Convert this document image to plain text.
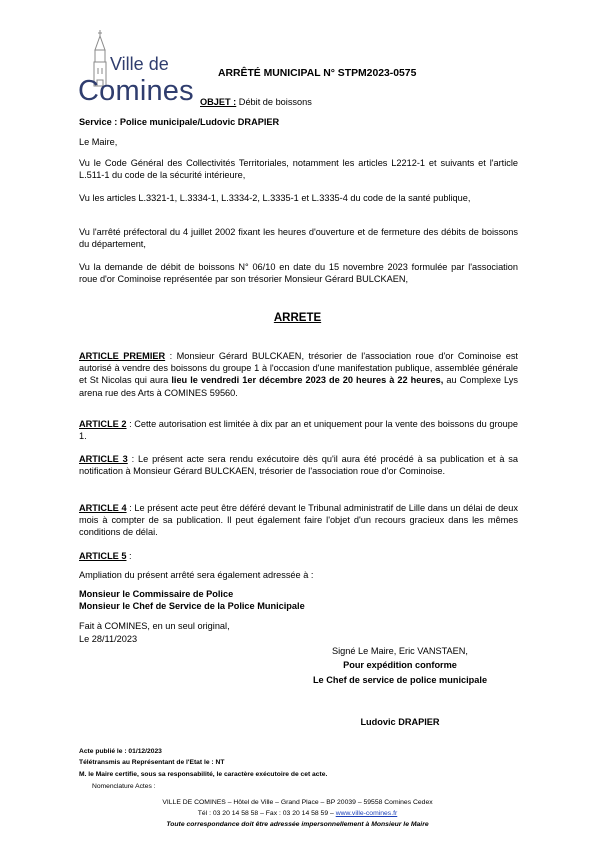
Ville de
Comines
ARRÊTÉ MUNICIPAL N° STPM2023-0575
OBJET : Débit de boissons
Service : Police municipale/Ludovic DRAPIER
Le Maire,
Vu le Code Général des Collectivités Territoriales, notamment les articles L2212-1 et suivants et l'article L.511-1 du code de la sécurité intérieure,
Vu les articles L.3321-1, L.3334-1, L.3334-2, L.3335-1 et L.3335-4 du code de la santé publique,
Vu l'arrêté préfectoral du 4 juillet 2002 fixant les heures d'ouverture et de fermeture des débits de boissons du département,
Vu la demande de débit de boissons N° 06/10 en date du 15 novembre 2023 formulée par l'association roue d'or Cominoise représentée par son trésorier Monsieur Gérard BULCKAEN,
ARRETE
ARTICLE PREMIER : Monsieur Gérard BULCKAEN, trésorier de l'association roue d'or Cominoise est autorisé à vendre des boissons du groupe 1 à l'occasion d'une manifestation publique, assemblée générale et St Nicolas qui aura lieu le vendredi 1er décembre 2023 de 20 heures à 22 heures, au Complexe Lys arena rue des Arts à COMINES 59560.
ARTICLE 2 : Cette autorisation est limitée à dix par an et uniquement pour la vente des boissons du groupe 1.
ARTICLE 3 : Le présent acte sera rendu exécutoire dès qu'il aura été procédé à sa publication et à sa notification à Monsieur Gérard BULCKAEN, trésorier de l'association roue d'or Cominoise.
ARTICLE 4 : Le présent acte peut être déféré devant le Tribunal administratif de Lille dans un délai de deux mois à compter de sa publication. Il peut également faire l'objet d'un recours gracieux dans les mêmes conditions de délai.
ARTICLE 5 :
Ampliation du présent arrêté sera également adressée à :
Monsieur le Commissaire de Police
Monsieur le Chef de Service de la Police Municipale
Fait à COMINES, en un seul original,
Le 28/11/2023
Signé Le Maire, Eric VANSTAEN,
Pour expédition conforme
Le Chef de service de police municipale
Ludovic DRAPIER
Acte publié le : 01/12/2023
Télétransmis au Représentant de l'Etat le : NT
M. le Maire certifie, sous sa responsabilité, le caractère exécutoire de cet acte.
Nomenclature Actes :
VILLE DE COMINES – Hôtel de Ville – Grand Place – BP 20039 – 59558 Comines Cedex
Tél : 03 20 14 58 58 – Fax : 03 20 14 58 59 – www.ville-comines.fr
Toute correspondance doit être adressée impersonnellement à Monsieur le Maire
